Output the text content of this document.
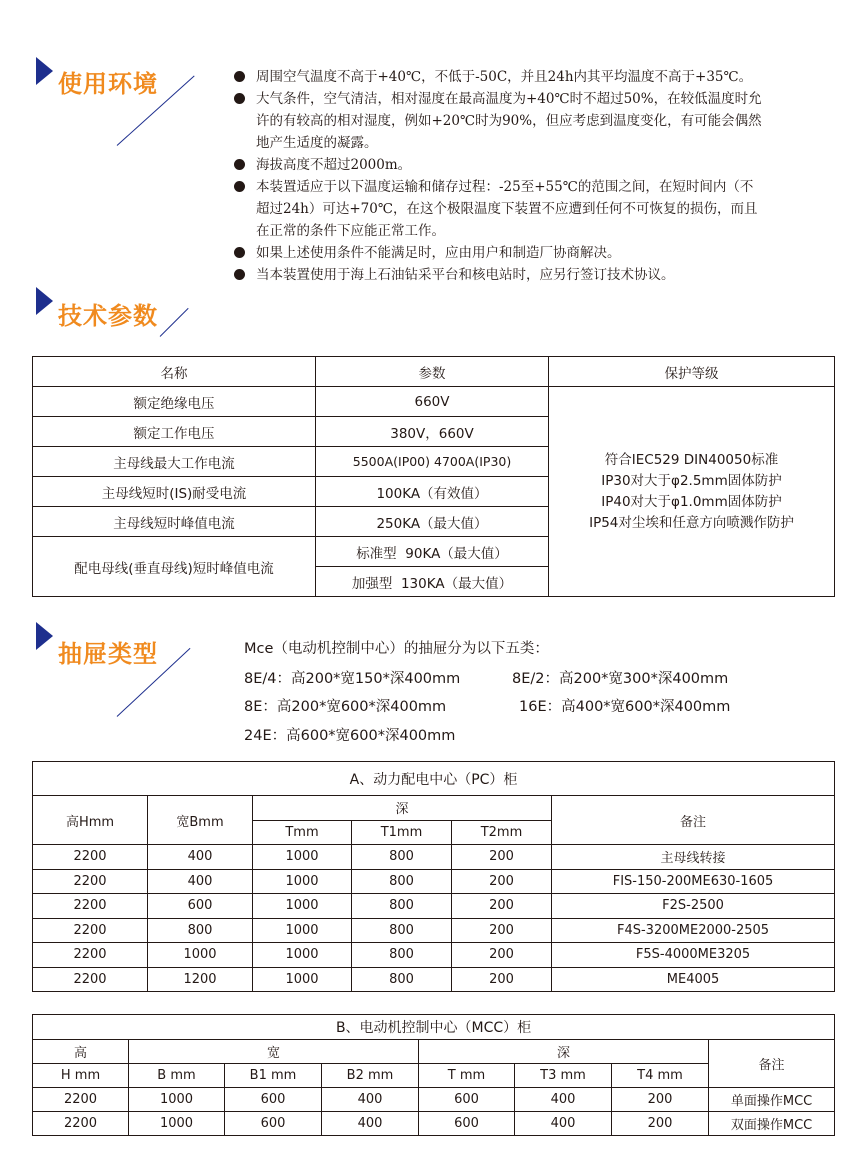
使用环境	周围空气温度不高于+40℃，不低于-50C，并且24h内其平均温度不高于+35℃。
大气条件，空气清洁，相对湿度在最高温度为+40℃时不超过50%，在较低温度时允
许的有较高的相对湿度，例如+20℃时为90%，但应考虑到温度变化，有可能会偶然
地产生适度的凝露。
海拔高度不超过2000m。
本装置适应于以下温度运输和储存过程：-25至+55℃的范围之间，在短时间内（不
超过24h）可达+70℃，在这个极限温度下装置不应遭到任何不可恢复的损伤，而且
在正常的条件下应能正常工作。
如果上述使用条件不能满足时，应由用户和制造厂协商解决。
当本装置使用于海上石油钻采平台和核电站时，应另行签订技术协议。
技术参数
名称	参数	保护等级
额定绝缘电压	660V	符合IEC529 DIN40050标准
IP30对大于φ2.5mm固体防护
IP40对大于φ1.0mm固体防护
IP54对尘埃和任意方向喷溅作防护

额定工作电压	380V，660V	
主母线最大工作电流	5500A(IP00) 4700A(IP30)	
主母线短时(IS)耐受电流	100KA（有效值）	
主母线短时峰值电流	250KA（最大值）	
配电母线(垂直母线)短时峰值电流	标准型  90KA（最大值）	
	加强型  130KA（最大值）	
抽屉类型	Mce（电动机控制中心）的抽屉分为以下五类：
8E/4：高200*宽150*深400mm	8E/2：高200*宽300*深400mm
8E：高200*宽600*深400mm	16E：高400*宽600*深400mm
24E：高600*宽600*深400mm
A、动力配电中心（PC）柜					
高Hmm	宽Bmm	深			备注
		Tmm	T1mm	T2mm	
2200	400	1000	800	200	主母线转接
2200	400	1000	800	200	FIS-150-200ME630-1605
2200	600	1000	800	200	F2S-2500
2200	800	1000	800	200	F4S-3200ME2000-2505
2200	1000	1000	800	200	F5S-4000ME3205
2200	1200	1000	800	200	ME4005
B、电动机控制中心（MCC）柜							
高	宽			深			备注
H mm	B mm	B1 mm	B2 mm	T mm	T3 mm	T4 mm	
2200	1000	600	400	600	400	200	单面操作MCC
2200	1000	600	400	600	400	200	双面操作MCC
